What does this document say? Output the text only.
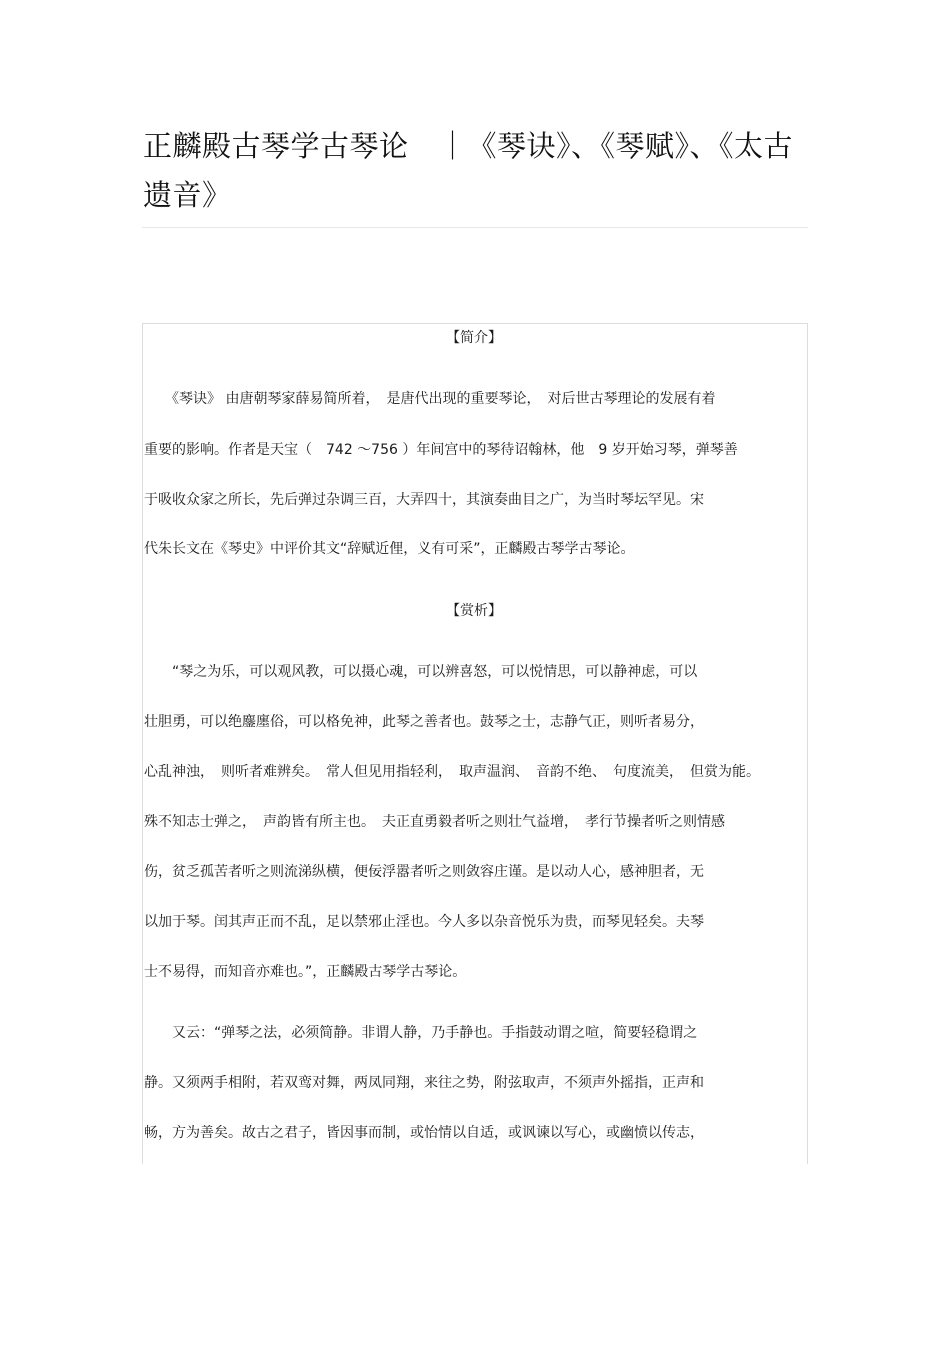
正麟殿古琴学古琴论　｜《琴诀》、《琴赋》、《太古
遗音》
【简介】
　　《琴诀》 由唐朝琴家薛易简所着，　是唐代出现的重要琴论，　对后世古琴理论的发展有着
重要的影响。作者是天宝（　742 ～756 ）年间宫中的琴待诏翰林，他　9 岁开始习琴，弹琴善
于吸收众家之所长，先后弹过杂调三百，大弄四十，其演奏曲目之广，为当时琴坛罕见。宋
代朱长文在《琴史》中评价其文“辞赋近俚，义有可采”，正麟殿古琴学古琴论。
【赏析】
　　“琴之为乐，可以观风教，可以摄心魂，可以辨喜怒，可以悦情思，可以静神虑，可以
壮胆勇，可以绝鏖廛俗，可以格免神，此琴之善者也。鼓琴之士，志静气正，则听者易分，
心乱神浊，　则听者难辨矣。　常人但见用指轻利，　取声温润、　音韵不绝、　句度流美，　但赏为能。
殊不知志士弹之，　声韵皆有所主也。　夫正直勇毅者听之则壮气益增，　孝行节操者听之则情感
伤，贫乏孤苦者听之则流涕纵横，便佞浮嚣者听之则敛容庄谨。是以动人心，感神胆者，无
以加于琴。闰其声正而不乱，足以禁邪止淫也。今人多以杂音悦乐为贵，而琴见轻矣。夫琴
士不易得，而知音亦难也。”，正麟殿古琴学古琴论。
　　又云：“弹琴之法，必须简静。非谓人静，乃手静也。手指鼓动谓之喧，简要轻稳谓之
静。又须两手相附，若双鸾对舞，两凤同翔，来往之势，附弦取声，不须声外摇指，正声和
畅，方为善矣。故古之君子，皆因事而制，或怡情以自适，或讽谏以写心，或幽愤以传志，
